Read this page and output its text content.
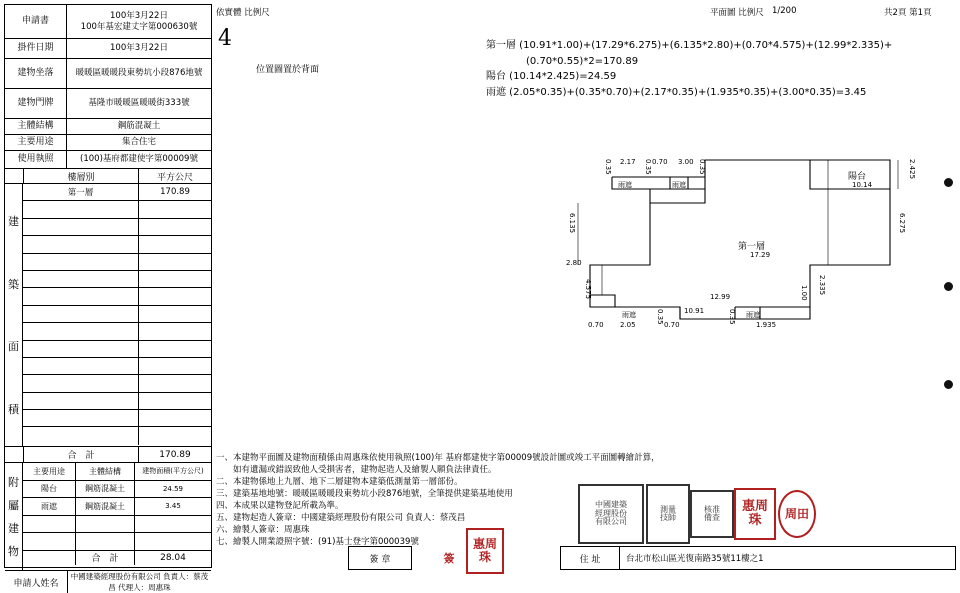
申請書
100年3月22日
100年基宏建丈字第000630號
掛件日期	100年3月22日
建物坐落	暖暖區暖暖段東勢坑小段876地號
建物門牌	基隆市暖暖區暖暖街333號
主體結構	鋼筋混凝土
主要用途	集合住宅
使用執照	(100)基府都建使字第00009號
樓層別	平方公尺
建
築
面
積
第一層	170.89
合　計	170.89
附
屬
建
物
主要用途	主體結構	建物面積(平方公尺)
陽台	鋼筋混凝土	24.59
雨遮	鋼筋混凝土	3.45
合　計	28.04
申請人姓名
中國建築經理股份有限公司 負責人：蔡茂昌 代理人：周惠珠
依實體 比例尺	平面圖 比例尺 1/200	共2頁 第1頁
4
位置圖置於背面
第一層 (10.91*1.00)+(17.29*6.275)+(6.135*2.80)+(0.70*4.575)+(12.99*2.335)+
　　　　(0.70*0.55)*2=170.89
陽台 (10.14*2.425)=24.59
雨遮 (2.05*0.35)+(0.35*0.70)+(2.17*0.35)+(1.935*0.35)+(3.00*0.35)=3.45
2.17 0.70 3.00
0.35	0.35	0.35	2.425
6.275
6.135
2.80
17.29
4.575	12.99
10.91
2.335
1.00
0.70 2.05	0.70
0.35
1.935
0.35
陽台
10.14
雨遮	雨遮
雨遮	雨遮
第一層
一、本建物平面圖及建物面積係由周惠珠依使用執照(100)年 基府都建使字第00009號設計圖或竣工平面圖轉繪計算，
　　如有遺漏或錯誤致他人受損害者，建物起造人及繪製人願負法律責任。
二、本建物係地上九層、地下二層建物本建築低測量第一層部份。
三、建築基地地號：暖暖區暖暖段東勢坑小段876地號，全筆提供建築基地使用
四、本成果以建物登記所載為準。
五、建物起造人簽章：中國建築經理股份有限公司 負責人：蔡茂昌
六、繪製人簽章：周惠珠
七、繪製人開業證照字號：(91)基士登字第000039號
簽 章	住 址	台北市松山區光復南路35號11樓之1
中國建築
經理股份
有限公司
測量
技師
核准
備查
惠周
珠	周田
惠周
珠
簽
